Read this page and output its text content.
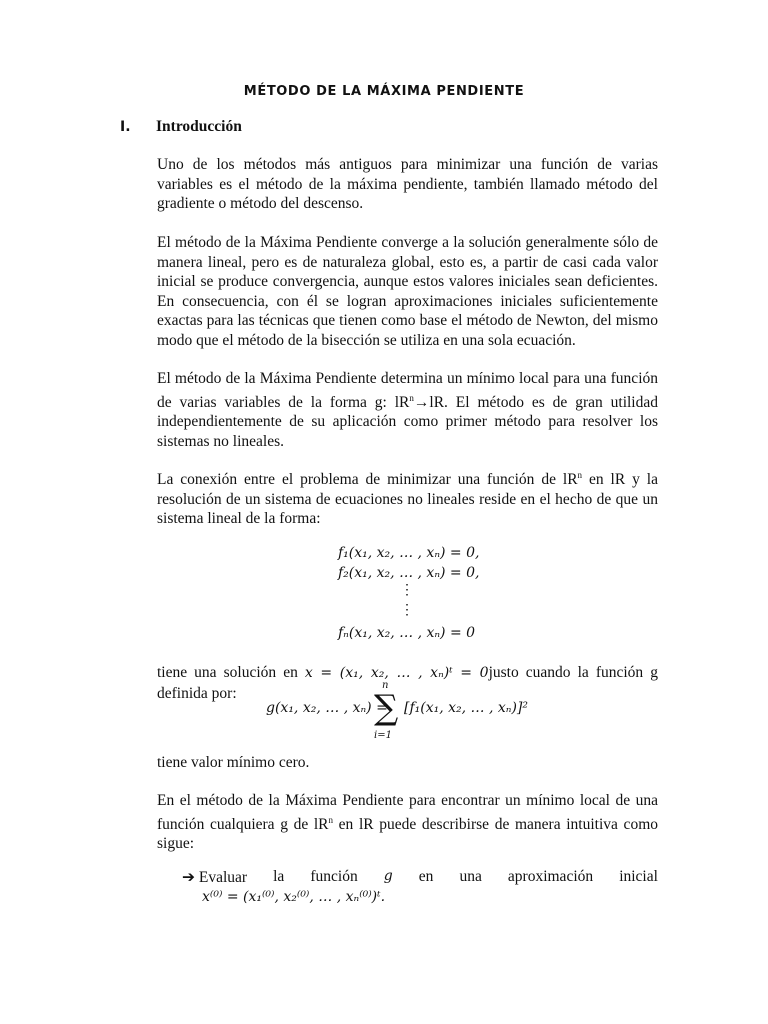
MÉTODO DE LA MÁXIMA PENDIENTE
I. Introducción

Uno de los métodos más antiguos para minimizar una función de varias variables es el método de la máxima pendiente, también llamado método del gradiente o método del descenso.

El método de la Máxima Pendiente converge a la solución generalmente sólo de manera lineal, pero es de naturaleza global, esto es, a partir de casi cada valor inicial se produce convergencia, aunque estos valores iniciales sean deficientes. En consecuencia, con él se logran aproximaciones iniciales suficientemente exactas para las técnicas que tienen como base el método de Newton, del mismo modo que el método de la bisección se utiliza en una sola ecuación.

El método de la Máxima Pendiente determina un mínimo local para una función de varias variables de la forma g: $lR^n\to lR$. El método es de gran utilidad independientemente de su aplicación como primer método para resolver los sistemas no lineales.

La conexión entre el problema de minimizar una función de $lR^n$ en lR y la resolución de un sistema de ecuaciones no lineales reside en el hecho de que un sistema lineal de la forma:

f₁(x₁, x₂, … , xₙ) = 0,
f₂(x₁, x₂, … , xₙ) = 0,
⋮
⋮
fₙ(x₁, x₂, … , xₙ) = 0

tiene una solución en x = (x₁, x₂, … , xₙ)ᵗ = 0justo cuando la función g definida por:

g(x₁, x₂, … , xₙ) =
n
∑
i=1
[f₁(x₁, x₂, … , xₙ)]²

tiene valor mínimo cero.

En el método de la Máxima Pendiente para encontrar un mínimo local de una función cualquiera g de $lR^n$ en lR puede describirse de manera intuitiva como sigue:

➔ Evaluar la función g en una aproximación inicial
x⁽⁰⁾ = (x₁⁽⁰⁾, x₂⁽⁰⁾, … , xₙ⁽⁰⁾)ᵗ.
